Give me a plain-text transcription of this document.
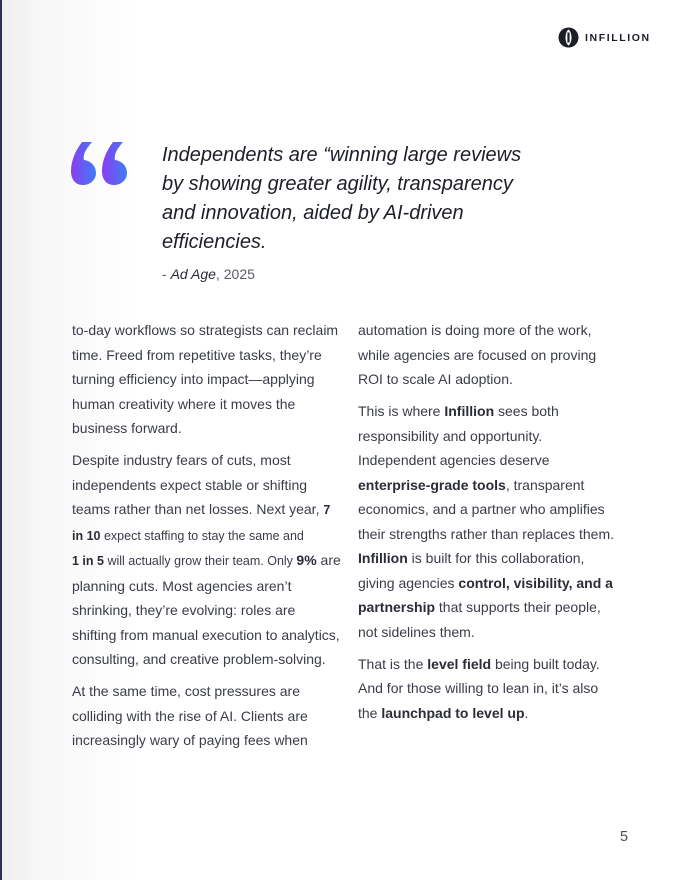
INFILLION

Independents are “winning large reviews by showing greater agility, transparency and innovation, aided by AI-driven efficiencies.

- Ad Age, 2025

to-day workflows so strategists can reclaim time. Freed from repetitive tasks, they’re turning efficiency into impact—applying human creativity where it moves the business forward.

Despite industry fears of cuts, most independents expect stable or shifting teams rather than net losses. Next year, 7 in 10 expect staffing to stay the same and
1 in 5 will actually grow their team. Only 9% are planning cuts. Most agencies aren’t shrinking, they’re evolving: roles are shifting from manual execution to analytics, consulting, and creative problem-solving.

At the same time, cost pressures are colliding with the rise of AI. Clients are increasingly wary of paying fees when

automation is doing more of the work, while agencies are focused on proving ROI to scale AI adoption.

This is where Infillion sees both responsibility and opportunity. Independent agencies deserve enterprise-grade tools, transparent economics, and a partner who amplifies their strengths rather than replaces them. Infillion is built for this collaboration, giving agencies control, visibility, and a partnership that supports their people, not sidelines them.

That is the level field being built today. And for those willing to lean in, it’s also the launchpad to level up.

5
